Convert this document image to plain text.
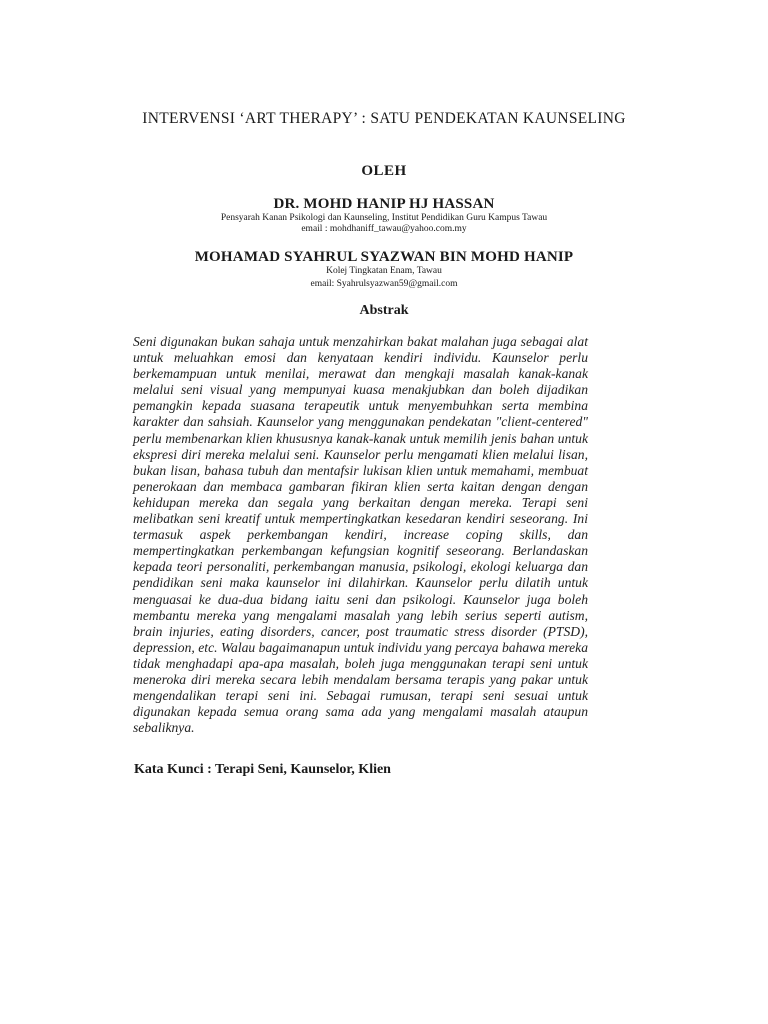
INTERVENSI ‘ART THERAPY’ : SATU PENDEKATAN KAUNSELING
OLEH
DR. MOHD HANIP HJ HASSAN
Pensyarah Kanan Psikologi dan Kaunseling, Institut Pendidikan Guru Kampus Tawau
email : mohdhaniff_tawau@yahoo.com.my
MOHAMAD SYAHRUL SYAZWAN BIN MOHD HANIP
Kolej Tingkatan Enam, Tawau
email: Syahrulsyazwan59@gmail.com
Abstrak
Seni digunakan bukan sahaja untuk menzahirkan bakat malahan juga sebagai alat untuk meluahkan emosi dan kenyataan kendiri individu. Kaunselor perlu berkemampuan untuk menilai, merawat dan mengkaji masalah kanak-kanak melalui seni visual yang mempunyai kuasa menakjubkan dan boleh dijadikan pemangkin kepada suasana terapeutik untuk menyembuhkan serta membina karakter dan sahsiah. Kaunselor yang menggunakan pendekatan "client-centered" perlu membenarkan klien khususnya kanak-kanak untuk memilih jenis bahan untuk ekspresi diri mereka melalui seni. Kaunselor perlu mengamati klien melalui lisan, bukan lisan, bahasa tubuh dan mentafsir lukisan klien untuk memahami, membuat penerokaan dan membaca gambaran fikiran klien serta kaitan dengan dengan kehidupan mereka dan segala yang berkaitan dengan mereka. Terapi seni melibatkan seni kreatif untuk mempertingkatkan kesedaran kendiri seseorang. Ini termasuk aspek perkembangan kendiri, increase coping skills, dan mempertingkatkan perkembangan kefungsian kognitif seseorang. Berlandaskan kepada teori personaliti, perkembangan manusia, psikologi, ekologi keluarga dan pendidikan seni maka kaunselor ini dilahirkan. Kaunselor perlu dilatih untuk menguasai ke dua-dua bidang iaitu seni dan psikologi. Kaunselor juga boleh membantu mereka yang mengalami masalah yang lebih serius seperti autism, brain injuries, eating disorders, cancer, post traumatic stress disorder (PTSD), depression, etc. Walau bagaimanapun untuk individu yang percaya bahawa mereka tidak menghadapi apa-apa masalah, boleh juga menggunakan terapi seni untuk meneroka diri mereka secara lebih mendalam bersama terapis yang pakar untuk mengendalikan terapi seni ini. Sebagai rumusan, terapi seni sesuai untuk digunakan kepada semua orang sama ada yang mengalami masalah ataupun sebaliknya.
Kata Kunci : Terapi Seni, Kaunselor, Klien
